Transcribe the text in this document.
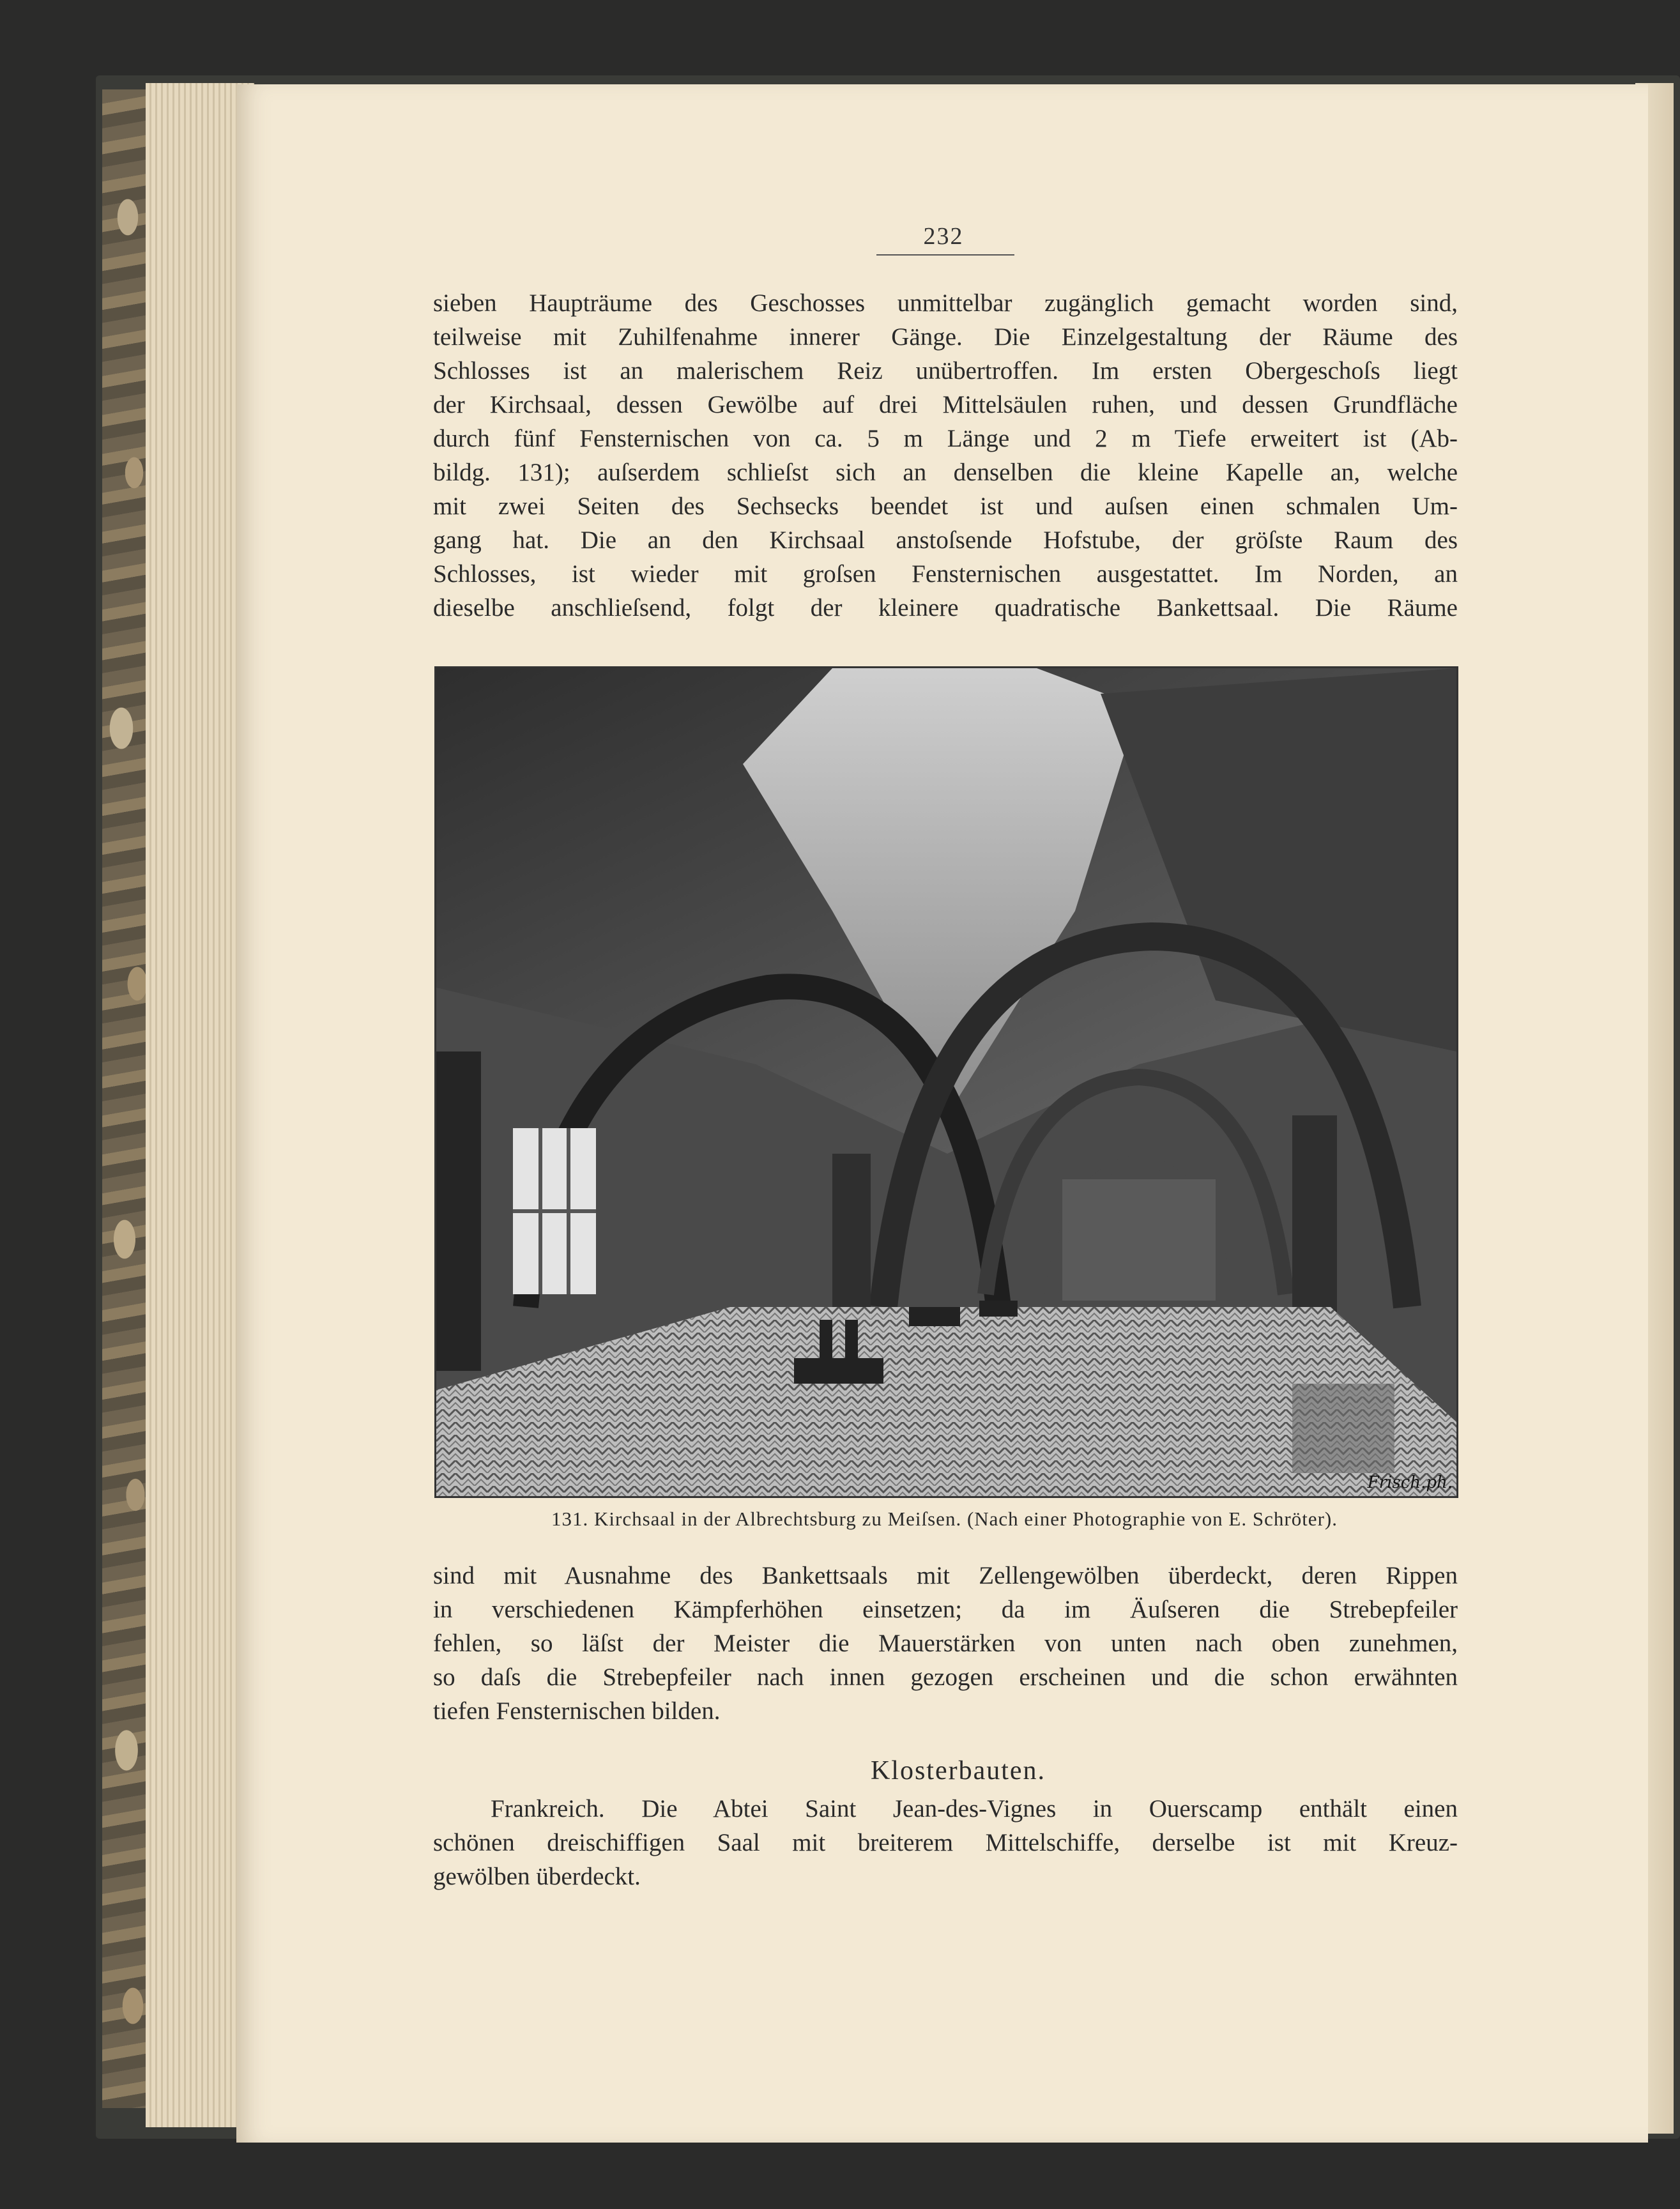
232
sieben Haupträume des Geschosses unmittelbar zugänglich gemacht worden sind,
teilweise mit Zuhilfenahme innerer Gänge. Die Einzelgestaltung der Räume des
Schlosses ist an malerischem Reiz unübertroffen. Im ersten Obergeschoſs liegt
der Kirchsaal, dessen Gewölbe auf drei Mittelsäulen ruhen, und dessen Grundfläche
durch fünf Fensternischen von ca. 5 m Länge und 2 m Tiefe erweitert ist (Ab-
bildg. 131); auſserdem schlieſst sich an denselben die kleine Kapelle an, welche
mit zwei Seiten des Sechsecks beendet ist und auſsen einen schmalen Um-
gang hat. Die an den Kirchsaal anstoſsende Hofstube, der gröſste Raum des
Schlosses, ist wieder mit groſsen Fensternischen ausgestattet. Im Norden, an
dieselbe anschlieſsend, folgt der kleinere quadratische Bankettsaal. Die Räume
Frisch.ph.
131. Kirchsaal in der Albrechtsburg zu Meiſsen. (Nach einer Photographie von E. Schröter).
sind mit Ausnahme des Bankettsaals mit Zellengewölben überdeckt, deren Rippen
in verschiedenen Kämpferhöhen einsetzen; da im Äuſseren die Strebepfeiler
fehlen, so läſst der Meister die Mauerstärken von unten nach oben zunehmen,
so daſs die Strebepfeiler nach innen gezogen erscheinen und die schon erwähnten
tiefen Fensternischen bilden.
Klosterbauten.
Frankreich. Die Abtei Saint Jean-des-Vignes in Ouerscamp enthält einen
schönen dreischiffigen Saal mit breiterem Mittelschiffe, derselbe ist mit Kreuz-
gewölben überdeckt.
